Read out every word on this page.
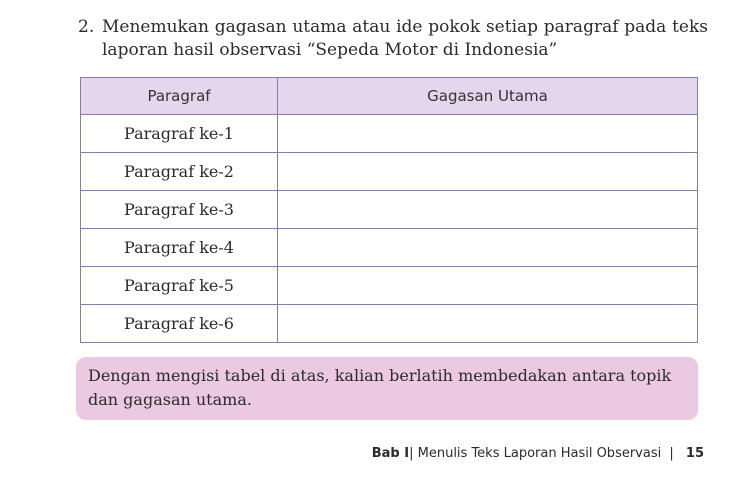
2. Menemukan gagasan utama atau ide pokok setiap paragraf pada teks laporan hasil observasi “Sepeda Motor di Indonesia”
Paragraf	Gagasan Utama
Paragraf ke-1	
Paragraf ke-2	
Paragraf ke-3	
Paragraf ke-4	
Paragraf ke-5	
Paragraf ke-6	
Dengan mengisi tabel di atas, kalian berlatih membedakan antara topik dan gagasan utama.
Bab I| Menulis Teks Laporan Hasil Observasi | 15
